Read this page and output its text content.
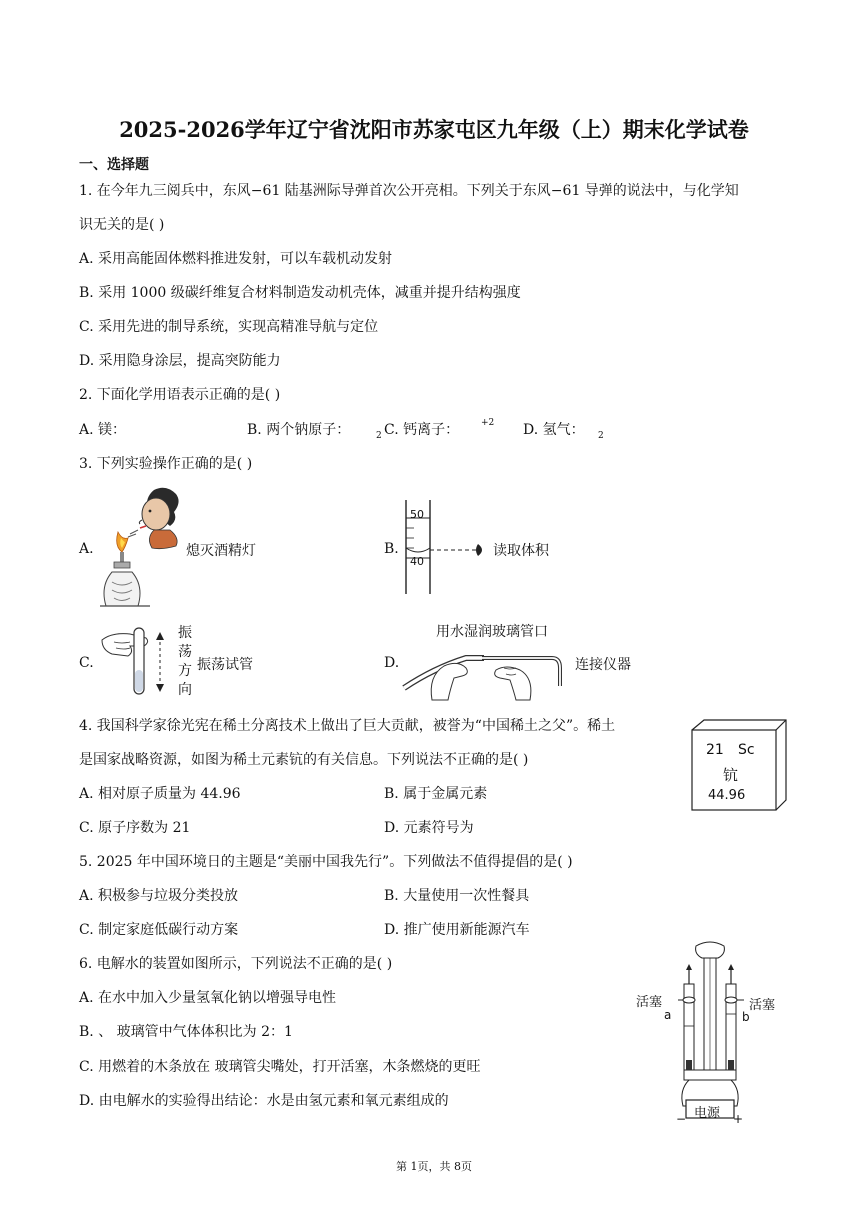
2025-2026学年辽宁省沈阳市苏家屯区九年级（上）期末化学试卷
一、选择题
1. 在今年九三阅兵中，东风−61 陆基洲际导弹首次公开亮相。下列关于东风−61 导弹的说法中，与化学知
识无关的是( )
A. 采用高能固体燃料推进发射，可以车载机动发射
B. 采用 1000 级碳纤维复合材料制造发动机壳体，减重并提升结构强度
C. 采用先进的制导系统，实现高精准导航与定位
D. 采用隐身涂层，提高突防能力
2. 下面化学用语表示正确的是( )
A. 镁：	B. 两个钠原子：	2 C. 钙离子： +2 D. 氢气： 2
3. 下列实验操作正确的是( )
A.	熄灭酒精灯	B.
50
40
读取体积
C.
振
荡
方
向
振荡试管	D.
用水湿润玻璃管口
连接仪器
4. 我国科学家徐光宪在稀土分离技术上做出了巨大贡献，被誉为“中国稀土之父”。稀土
是国家战略资源，如图为稀土元素钪的有关信息。下列说法不正确的是( )
A. 相对原子质量为 44.96	B. 属于金属元素
C. 原子序数为 21	D. 元素符号为
21 Sc
钪
44.96
5. 2025 年中国环境日的主题是“美丽中国我先行”。下列做法不值得提倡的是( )
A. 积极参与垃圾分类投放	B. 大量使用一次性餐具
C. 制定家庭低碳行动方案	D. 推广使用新能源汽车
6. 电解水的装置如图所示，下列说法不正确的是( )
A. 在水中加入少量氢氧化钠以增强导电性
B. 、 玻璃管中气体体积比为 2：1
C. 用燃着的木条放在 玻璃管尖嘴处，打开活塞，木条燃烧的更旺
D. 由电解水的实验得出结论：水是由氢元素和氧元素组成的
活塞	活塞
a	b
电源
−	+
第 1页，共 8页
